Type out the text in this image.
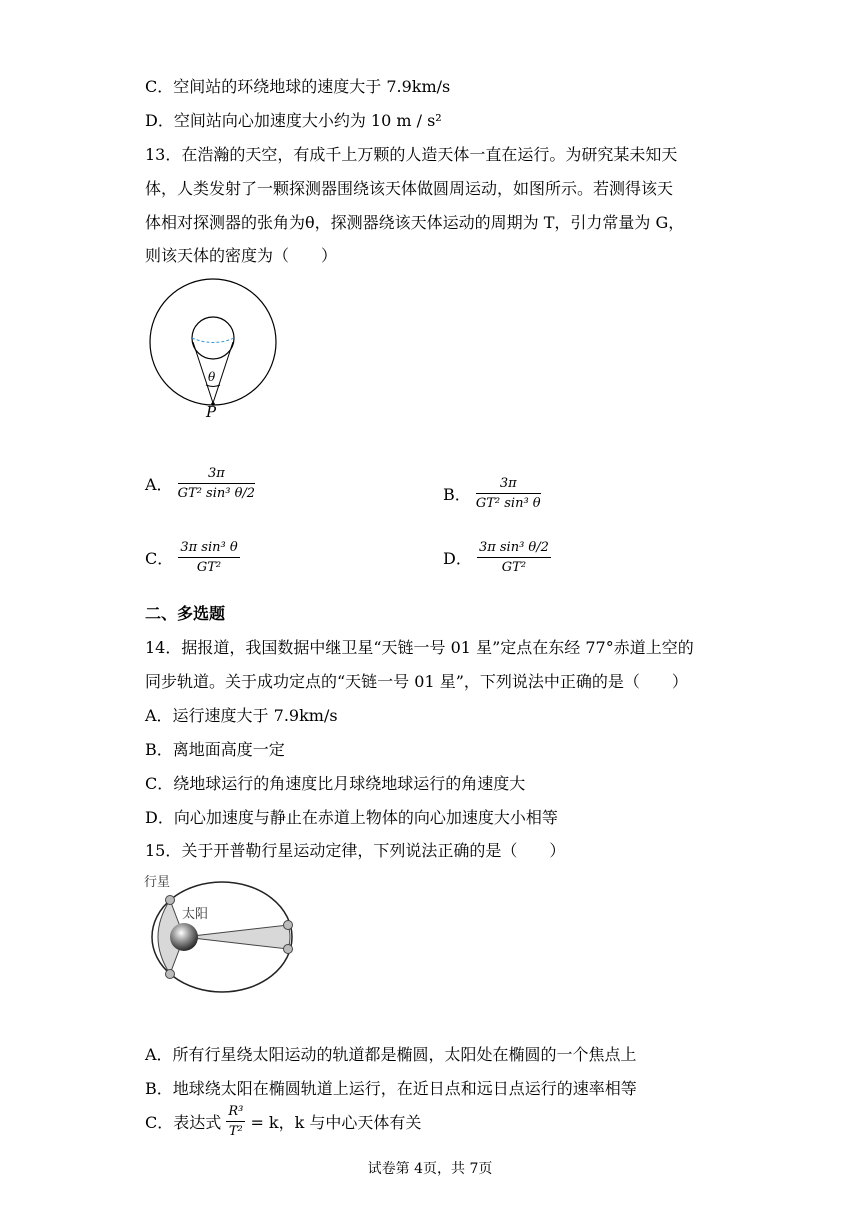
C．空间站的环绕地球的速度大于 7.9km/s
D．空间站向心加速度大小约为 10 m / s²
13．在浩瀚的天空，有成千上万颗的人造天体一直在运行。为研究某未知天
体，人类发射了一颗探测器围绕该天体做圆周运动，如图所示。若测得该天
体相对探测器的张角为θ，探测器绕该天体运动的周期为 T，引力常量为 G，
则该天体的密度为（　　）
θ
P
A． $\frac{3\pi}{\text{GT² sin³ θ/2}}$	B． $\frac{3\pi}{\text{GT² sin³ θ}}$
C． $\frac{\text{3π sin³ θ}}{\text{GT²}}$	D． $\frac{\text{3π sin³ θ/2}}{\text{GT²}}$
二、多选题
14．据报道，我国数据中继卫星“天链一号 01 星”定点在东经 77°赤道上空的
同步轨道。关于成功定点的“天链一号 01 星”，下列说法中正确的是（　　）
A．运行速度大于 7.9km/s
B．离地面高度一定
C．绕地球运行的角速度比月球绕地球运行的角速度大
D．向心加速度与静止在赤道上物体的向心加速度大小相等
15．关于开普勒行星运动定律，下列说法正确的是（　　）
行星
太阳
A．所有行星绕太阳运动的轨道都是椭圆，太阳处在椭圆的一个焦点上
B．地球绕太阳在椭圆轨道上运行，在近日点和远日点运行的速率相等
C．表达式 $\frac{\text{R³}}{\text{T²}} = k$，k 与中心天体有关
试卷第 4页，共 7页
